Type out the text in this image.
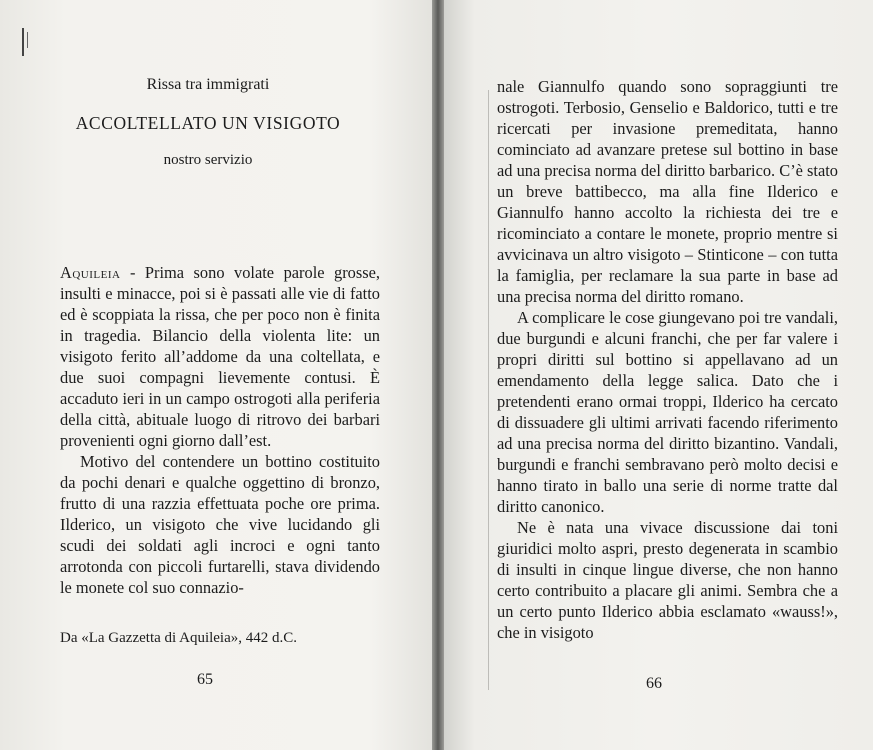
Rissa tra immigrati
ACCOLTELLATO UN VISIGOTO
nostro servizio

Aquileia - Prima sono volate parole grosse, insulti e minacce, poi si è passati alle vie di fatto ed è scoppiata la rissa, che per poco non è finita in tragedia. Bilancio della violenta lite: un visigoto ferito all’addome da una coltellata, e due suoi compagni lievemente contusi. È accaduto ieri in un campo ostrogoti alla periferia della città, abituale luogo di ritrovo dei barbari provenienti ogni giorno dall’est.

Motivo del contendere un bottino costituito da pochi denari e qualche oggettino di bronzo, frutto di una razzia effettuata poche ore prima. Ilderico, un visigoto che vive lucidando gli scudi dei soldati agli incroci e ogni tanto arrotonda con piccoli furtarelli, stava dividendo le monete col suo connazio-

Da «La Gazzetta di Aquileia», 442 d.C.
65

nale Giannulfo quando sono sopraggiunti tre ostrogoti. Terbosio, Genselio e Baldorico, tutti e tre ricercati per invasione premeditata, hanno cominciato ad avanzare pretese sul bottino in base ad una precisa norma del diritto barbarico. C’è stato un breve battibecco, ma alla fine Ilderico e Giannulfo hanno accolto la richiesta dei tre e ricominciato a contare le monete, proprio mentre si avvicinava un altro visigoto – Stinticone – con tutta la famiglia, per reclamare la sua parte in base ad una precisa norma del diritto romano.

A complicare le cose giungevano poi tre vandali, due burgundi e alcuni franchi, che per far valere i propri diritti sul bottino si appellavano ad un emendamento della legge salica. Dato che i pretendenti erano ormai troppi, Ilderico ha cercato di dissuadere gli ultimi arrivati facendo riferimento ad una precisa norma del diritto bizantino. Vandali, burgundi e franchi sembravano però molto decisi e hanno tirato in ballo una serie di norme tratte dal diritto canonico.

Ne è nata una vivace discussione dai toni giuridici molto aspri, presto degenerata in scambio di insulti in cinque lingue diverse, che non hanno certo contribuito a placare gli animi. Sembra che a un certo punto Ilderico abbia esclamato «wauss!», che in visigoto

66
